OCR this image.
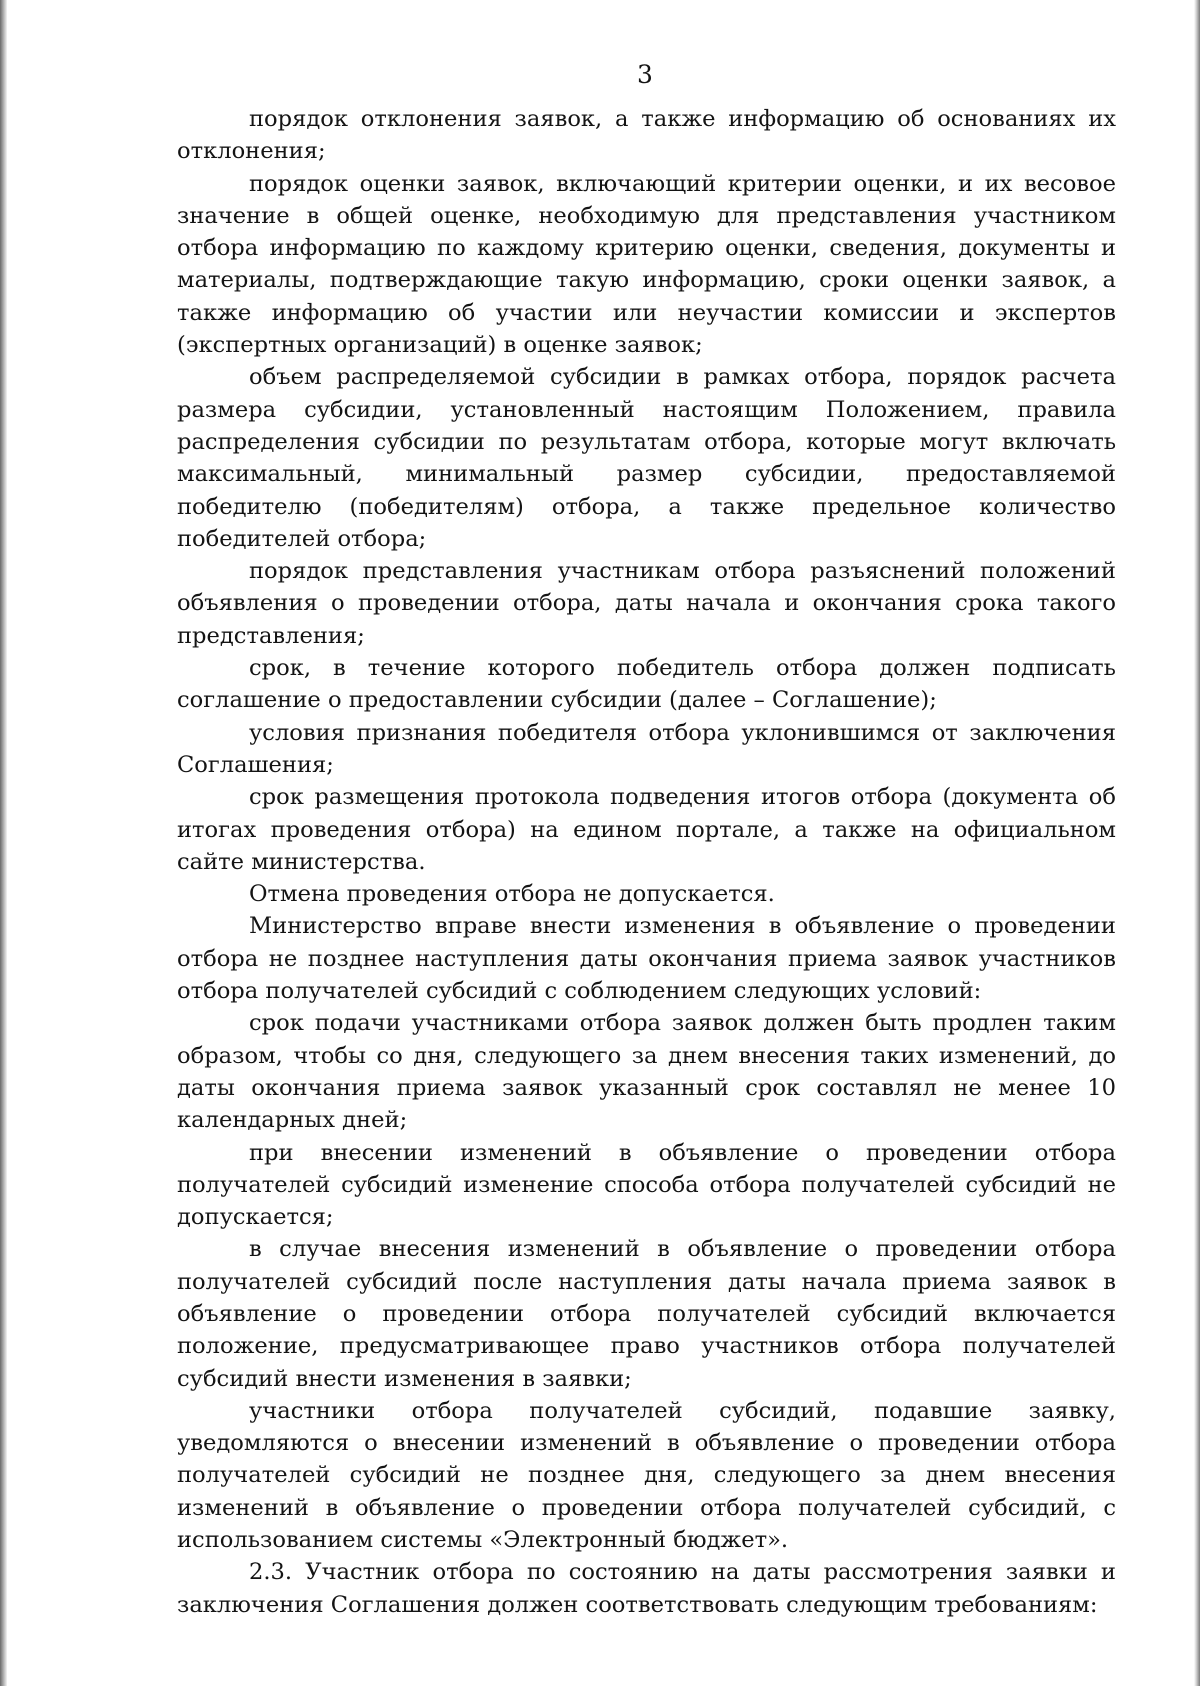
3

порядок отклонения заявок, а также информацию об основаниях их отклонения;

порядок оценки заявок, включающий критерии оценки, и их весовое значение в общей оценке, необходимую для представления участником отбора информацию по каждому критерию оценки, сведения, документы и материалы, подтверждающие такую информацию, сроки оценки заявок, а также информацию об участии или неучастии комиссии и экспертов (экспертных организаций) в оценке заявок;

объем распределяемой субсидии в рамках отбора, порядок расчета размера субсидии, установленный настоящим Положением, правила распределения субсидии по результатам отбора, которые могут включать максимальный, минимальный размер субсидии, предоставляемой победителю (победителям) отбора, а также предельное количество победителей отбора;

порядок представления участникам отбора разъяснений положений объявления о проведении отбора, даты начала и окончания срока такого представления;

срок, в течение которого победитель отбора должен подписать соглашение о предоставлении субсидии (далее – Соглашение);

условия признания победителя отбора уклонившимся от заключения Соглашения;

срок размещения протокола подведения итогов отбора (документа об итогах проведения отбора) на едином портале, а также на официальном сайте министерства.

Отмена проведения отбора не допускается.

Министерство вправе внести изменения в объявление о проведении отбора не позднее наступления даты окончания приема заявок участников отбора получателей субсидий с соблюдением следующих условий:

срок подачи участниками отбора заявок должен быть продлен таким образом, чтобы со дня, следующего за днем внесения таких изменений, до даты окончания приема заявок указанный срок составлял не менее 10 календарных дней;

при внесении изменений в объявление о проведении отбора получателей субсидий изменение способа отбора получателей субсидий не допускается;

в случае внесения изменений в объявление о проведении отбора получателей субсидий после наступления даты начала приема заявок в объявление о проведении отбора получателей субсидий включается положение, предусматривающее право участников отбора получателей субсидий внести изменения в заявки;

участники отбора получателей субсидий, подавшие заявку, уведомляются о внесении изменений в объявление о проведении отбора получателей субсидий не позднее дня, следующего за днем внесения изменений в объявление о проведении отбора получателей субсидий, с использованием системы «Электронный бюджет».

2.3. Участник отбора по состоянию на даты рассмотрения заявки и заключения Соглашения должен соответствовать следующим требованиям:
